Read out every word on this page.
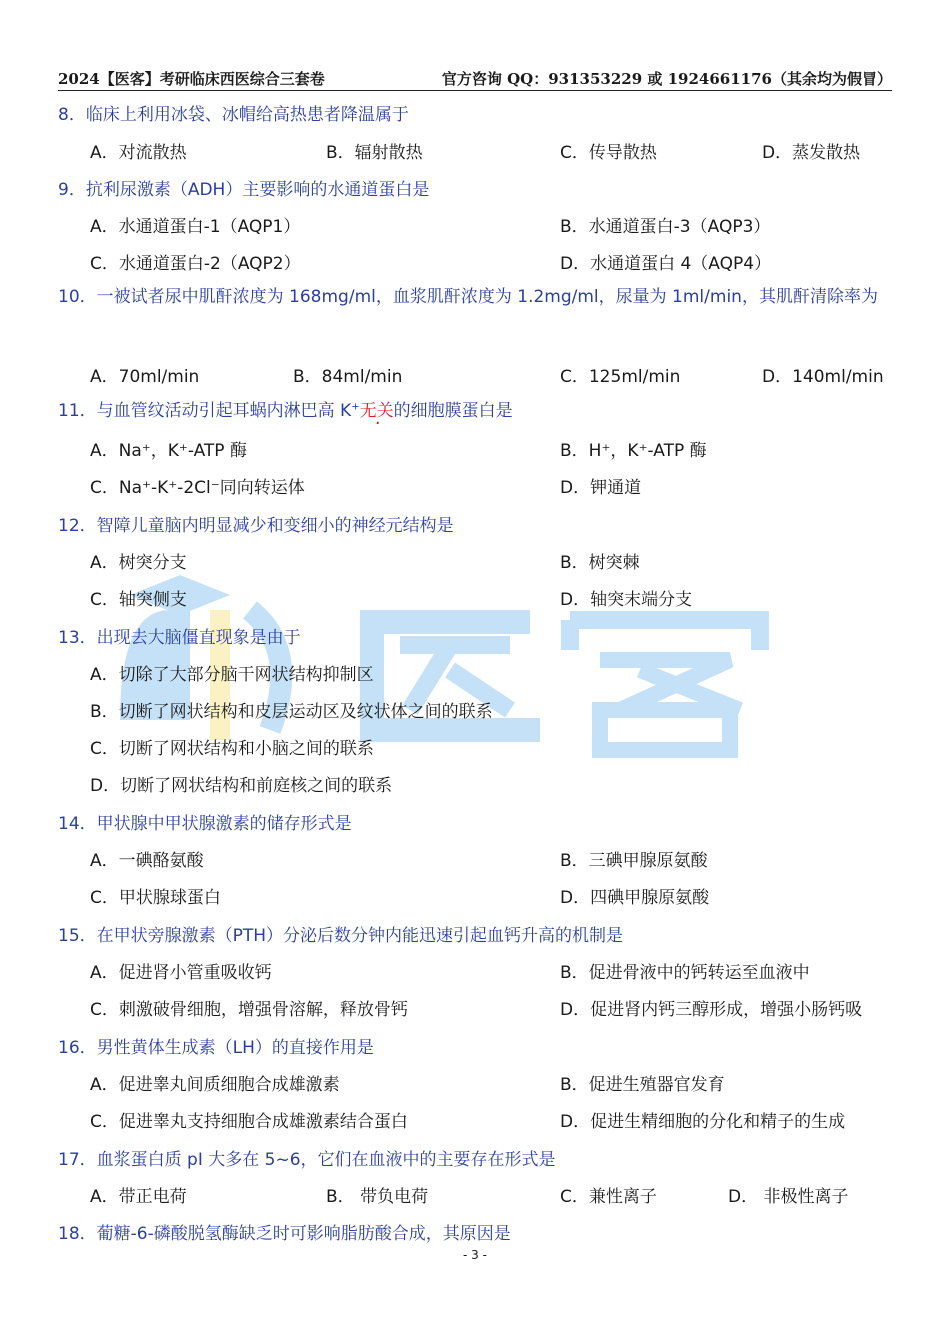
2024【医客】考研临床西医综合三套卷	官方咨询 QQ：931353229 或 1924661176（其余均为假冒）
8．临床上利用冰袋、冰帽给高热患者降温属于
A．对流散热	B．辐射散热	C．传导散热	D．蒸发散热
9．抗利尿激素（ADH）主要影响的水通道蛋白是
A．水通道蛋白-1（AQP1）	B．水通道蛋白-3（AQP3）
C．水通道蛋白-2（AQP2）	D．水通道蛋白 4（AQP4）
10．一被试者尿中肌酐浓度为 168mg/ml，血浆肌酐浓度为 1.2mg/ml，尿量为 1ml/min，其肌酐清除率为
A．70ml/min	B．84ml/min	C．125ml/min	D．140ml/min
11．与血管纹活动引起耳蜗内淋巴高 K+无关的细胞膜蛋白是
A．Na⁺，K⁺-ATP 酶	B．H⁺，K⁺-ATP 酶
C．Na⁺-K⁺-2Cl⁻同向转运体	D．钾通道
12．智障儿童脑内明显减少和变细小的神经元结构是
A．树突分支	B．树突棘
C．轴突侧支	D．轴突末端分支
13．出现去大脑僵直现象是由于
A．切除了大部分脑干网状结构抑制区
B．切断了网状结构和皮层运动区及纹状体之间的联系
C．切断了网状结构和小脑之间的联系
D．切断了网状结构和前庭核之间的联系
14．甲状腺中甲状腺激素的储存形式是
A．一碘酪氨酸	B．三碘甲腺原氨酸
C．甲状腺球蛋白	D．四碘甲腺原氨酸
15．在甲状旁腺激素（PTH）分泌后数分钟内能迅速引起血钙升高的机制是
A．促进肾小管重吸收钙	B．促进骨液中的钙转运至血液中
C．刺激破骨细胞，增强骨溶解，释放骨钙	D．促进肾内钙三醇形成，增强小肠钙吸
16．男性黄体生成素（LH）的直接作用是
A．促进睾丸间质细胞合成雄激素	B．促进生殖器官发育
C．促进睾丸支持细胞合成雄激素结合蛋白	D．促进生精细胞的分化和精子的生成
17．血浆蛋白质 pI 大多在 5~6，它们在血液中的主要存在形式是
A．带正电荷	B． 带负电荷	C．兼性离子	D． 非极性离子
18．葡糖-6-磷酸脱氢酶缺乏时可影响脂肪酸合成，其原因是
- 3 -
